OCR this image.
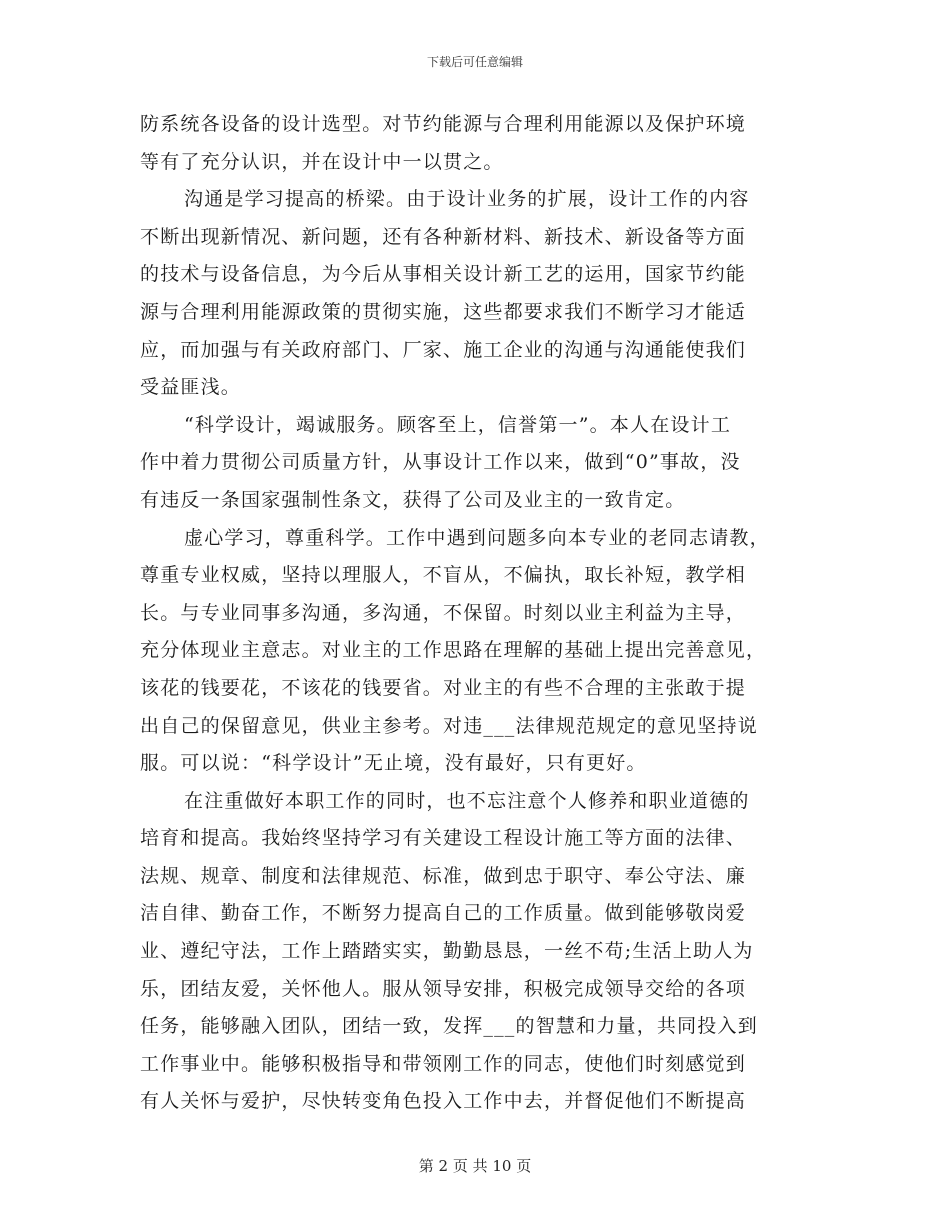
下载后可任意编辑
防系统各设备的设计选型。对节约能源与合理利用能源以及保护环境
等有了充分认识，并在设计中一以贯之。
沟通是学习提高的桥梁。由于设计业务的扩展，设计工作的内容
不断出现新情况、新问题，还有各种新材料、新技术、新设备等方面
的技术与设备信息，为今后从事相关设计新工艺的运用，国家节约能
源与合理利用能源政策的贯彻实施，这些都要求我们不断学习才能适
应，而加强与有关政府部门、厂家、施工企业的沟通与沟通能使我们
受益匪浅。
“科学设计，竭诚服务。顾客至上，信誉第一”。本人在设计工
作中着力贯彻公司质量方针，从事设计工作以来，做到“0”事故，没
有违反一条国家强制性条文，获得了公司及业主的一致肯定。
虚心学习，尊重科学。工作中遇到问题多向本专业的老同志请教，
尊重专业权威，坚持以理服人，不盲从，不偏执，取长补短，教学相
长。与专业同事多沟通，多沟通，不保留。时刻以业主利益为主导，
充分体现业主意志。对业主的工作思路在理解的基础上提出完善意见，
该花的钱要花，不该花的钱要省。对业主的有些不合理的主张敢于提
出自己的保留意见，供业主参考。对违___法律规范规定的意见坚持说
服。可以说：“科学设计”无止境，没有最好，只有更好。
在注重做好本职工作的同时，也不忘注意个人修养和职业道德的
培育和提高。我始终坚持学习有关建设工程设计施工等方面的法律、
法规、规章、制度和法律规范、标准，做到忠于职守、奉公守法、廉
洁自律、勤奋工作，不断努力提高自己的工作质量。做到能够敬岗爱
业、遵纪守法，工作上踏踏实实，勤勤恳恳，一丝不苟;生活上助人为
乐，团结友爱，关怀他人。服从领导安排，积极完成领导交给的各项
任务，能够融入团队，团结一致，发挥___的智慧和力量，共同投入到
工作事业中。能够积极指导和带领刚工作的同志，使他们时刻感觉到
有人关怀与爱护，尽快转变角色投入工作中去，并督促他们不断提高
第 2 页 共 10 页
